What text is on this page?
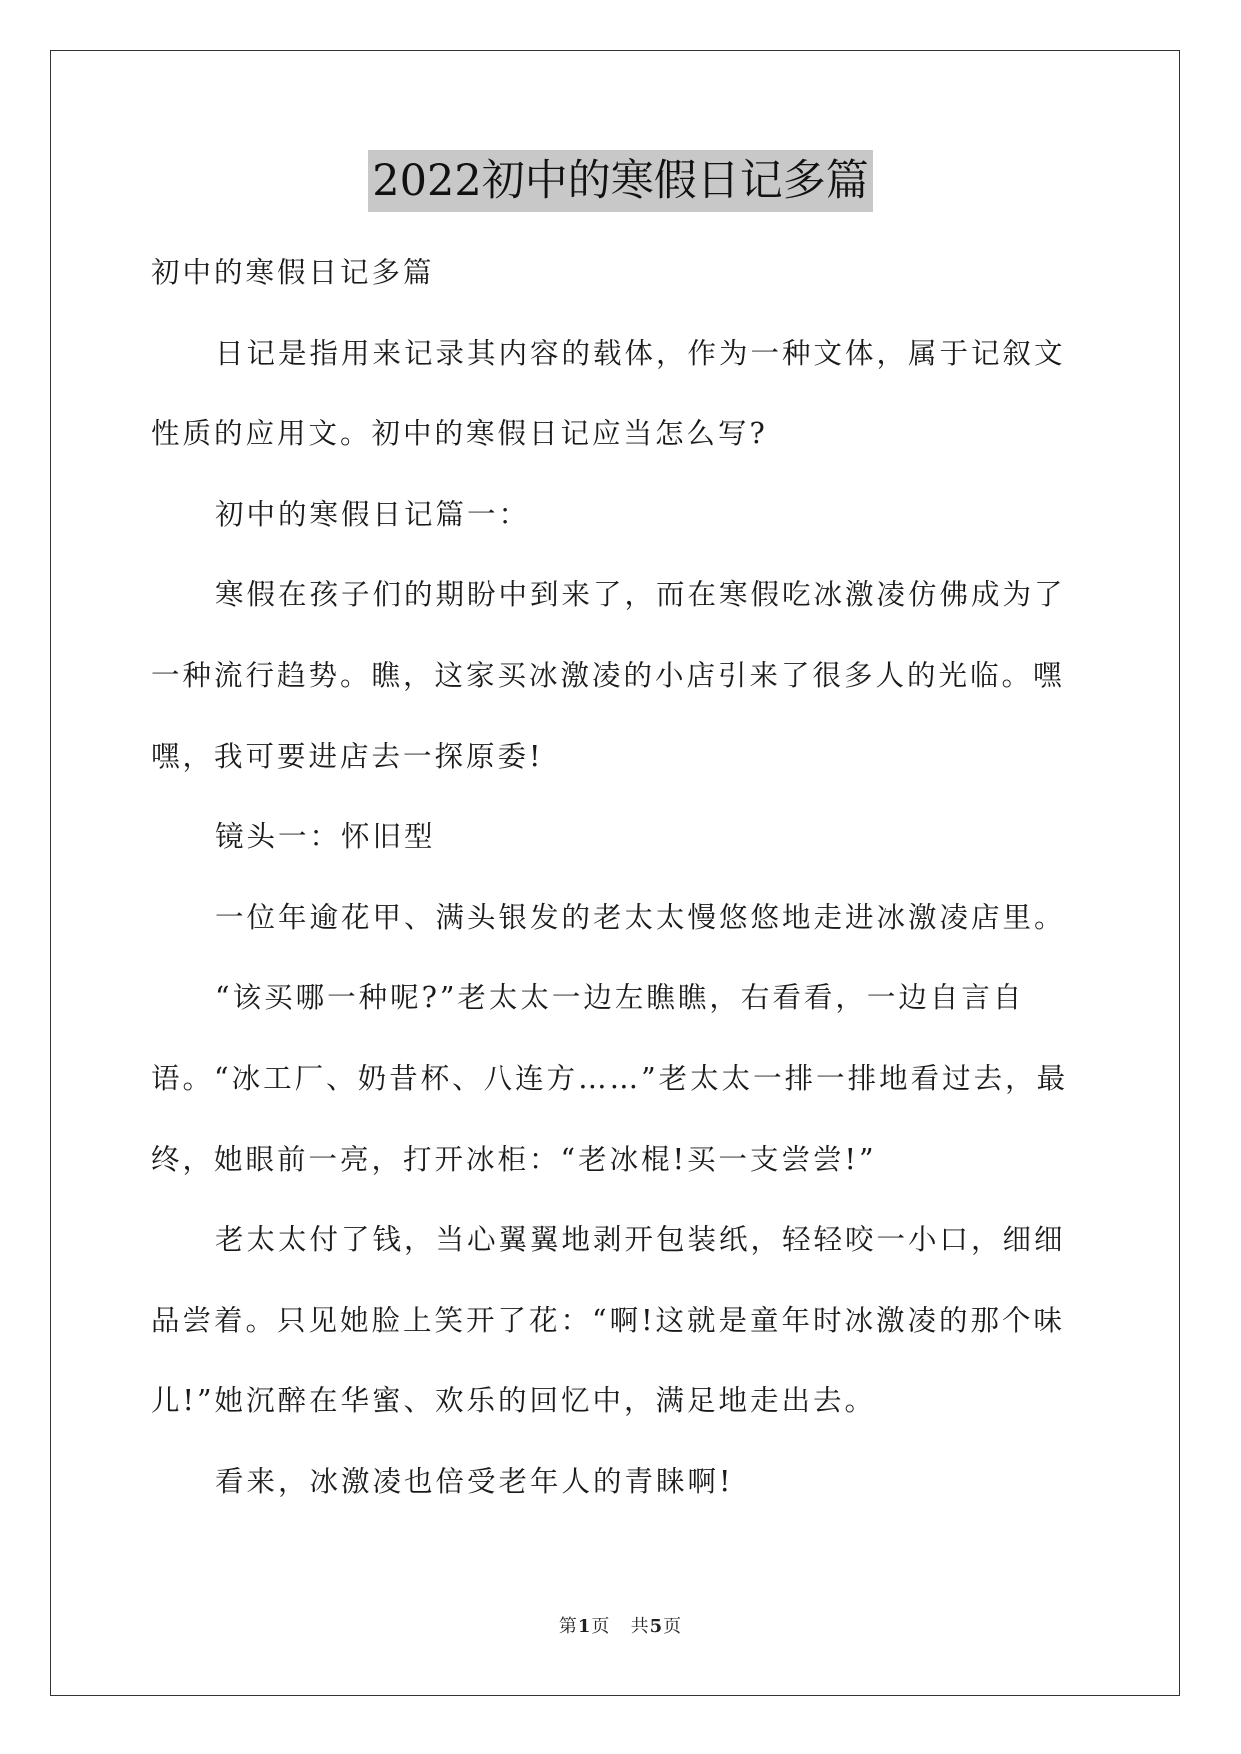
2022初中的寒假日记多篇

初中的寒假日记多篇

日记是指用来记录其内容的载体，作为一种文体，属于记叙文性质的应用文。初中的寒假日记应当怎么写?

初中的寒假日记篇一：

寒假在孩子们的期盼中到来了，而在寒假吃冰激凌仿佛成为了一种流行趋势。瞧，这家买冰激凌的小店引来了很多人的光临。嘿嘿，我可要进店去一探原委!

镜头一：怀旧型

一位年逾花甲、满头银发的老太太慢悠悠地走进冰激凌店里。

“该买哪一种呢?”老太太一边左瞧瞧，右看看，一边自言自语。“冰工厂、奶昔杯、八连方……”老太太一排一排地看过去，最终，她眼前一亮，打开冰柜：“老冰棍!买一支尝尝!”

老太太付了钱，当心翼翼地剥开包装纸，轻轻咬一小口，细细品尝着。只见她脸上笑开了花：“啊!这就是童年时冰激凌的那个味儿!”她沉醉在华蜜、欢乐的回忆中，满足地走出去。

看来，冰激凌也倍受老年人的青睐啊!

第1页 共5页
